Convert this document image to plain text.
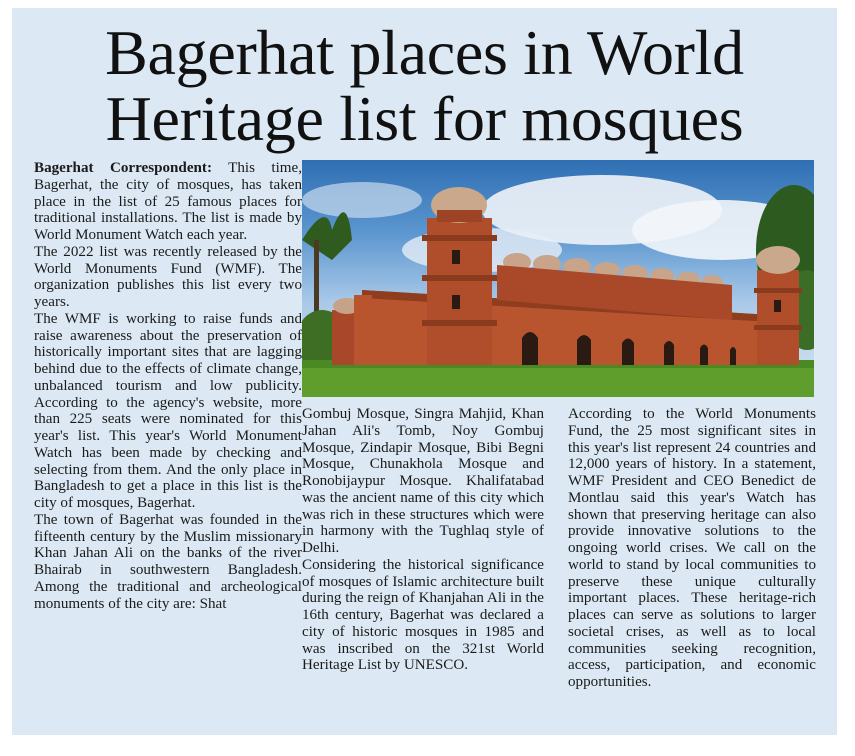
Bagerhat places in World
Heritage list for mosques

Bagerhat Correspondent: This time, Bagerhat, the city of mosques, has taken place in the list of 25 famous places for traditional installations. The list is made by World Monument Watch each year.

The 2022 list was recently released by the World Monuments Fund (WMF). The organization publishes this list every two years.

The WMF is working to raise funds and raise awareness about the preservation of historically important sites that are lagging behind due to the effects of climate change, unbalanced tourism and low publicity. According to the agency's website, more than 225 seats were nominated for this year's list. This year's World Monument Watch has been made by checking and selecting from them. And the only place in Bangladesh to get a place in this list is the city of mosques, Bagerhat.

The town of Bagerhat was founded in the fifteenth century by the Muslim missionary Khan Jahan Ali on the banks of the river Bhairab in southwestern Bangladesh. Among the traditional and archeological monuments of the city are: Shat

Gombuj Mosque, Singra Mahjid, Khan Jahan Ali's Tomb, Noy Gombuj Mosque, Zindapir Mosque, Bibi Begni Mosque, Chunakhola Mosque and Ronobijaypur Mosque. Khalifatabad was the ancient name of this city which was rich in these structures which were in harmony with the Tughlaq style of Delhi.

Considering the historical significance of mosques of Islamic architecture built during the reign of Khanjahan Ali in the 16th century, Bagerhat was declared a city of historic mosques in 1985 and was inscribed on the 321st World Heritage List by UNESCO.

According to the World Monuments Fund, the 25 most significant sites in this year's list represent 24 countries and 12,000 years of history. In a statement, WMF President and CEO Benedict de Montlau said this year's Watch has shown that preserving heritage can also provide innovative solutions to the ongoing world crises. We call on the world to stand by local communities to preserve these unique culturally important places. These heritage-rich places can serve as solutions to larger societal crises, as well as to local communities seeking recognition, access, participation, and economic opportunities.
